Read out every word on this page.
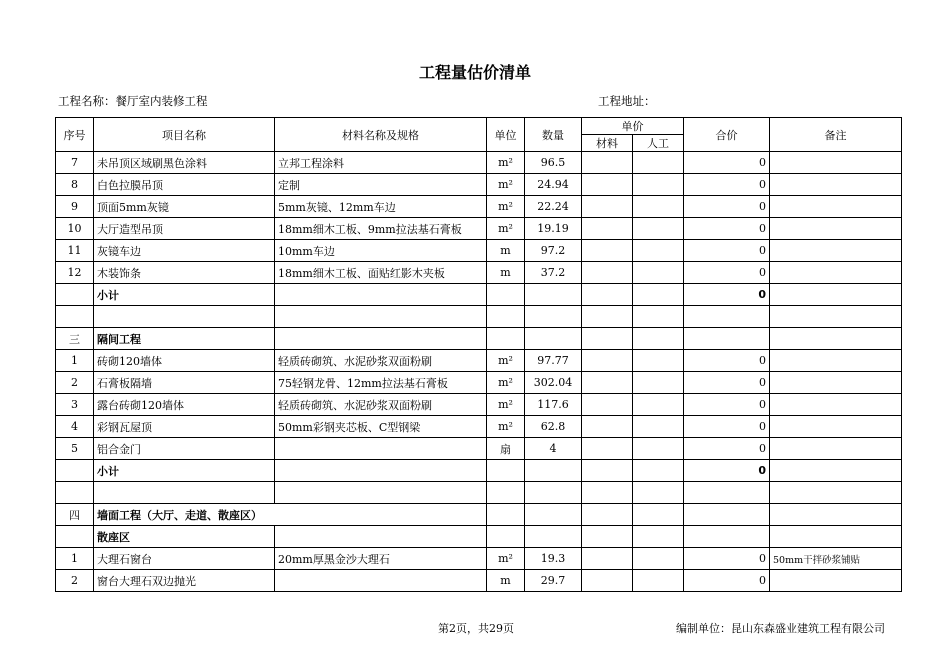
工程量估价清单
工程名称：餐厅室内装修工程	工程地址：
序号	项目名称	材料名称及规格	单位	数量	单价		合价	备注
					材料	人工		
7	未吊顶区域刷黑色涂料	立邦工程涂料	m²	96.5			0	
8	白色拉膜吊顶	定制	m²	24.94			0	
9	顶面5mm灰镜	5mm灰镜、12mm车边	m²	22.24			0	
10	大厅造型吊顶	18mm细木工板、9mm拉法基石膏板	m²	19.19			0	
11	灰镜车边	10mm车边	m	97.2			0	
12	木装饰条	18mm细木工板、面贴红影木夹板	m	37.2			0	
	小计						0	

三	隔间工程							
1	砖砌120墙体	轻质砖砌筑、水泥砂浆双面粉刷	m²	97.77			0	
2	石膏板隔墙	75轻钢龙骨、12mm拉法基石膏板	m²	302.04			0	
3	露台砖砌120墙体	轻质砖砌筑、水泥砂浆双面粉刷	m²	117.6			0	
4	彩钢瓦屋顶	50mm彩钢夹芯板、C型钢梁	m²	62.8			0	
5	铝合金门		扇	4			0	
	小计						0	

四	墙面工程（大厅、走道、散座区）							
	散座区							
1	大理石窗台	20mm厚黑金沙大理石	m²	19.3			0	50mm干拌砂浆铺贴
2	窗台大理石双边抛光		m	29.7			0	
第2页，共29页	编制单位：昆山东森盛业建筑工程有限公司
